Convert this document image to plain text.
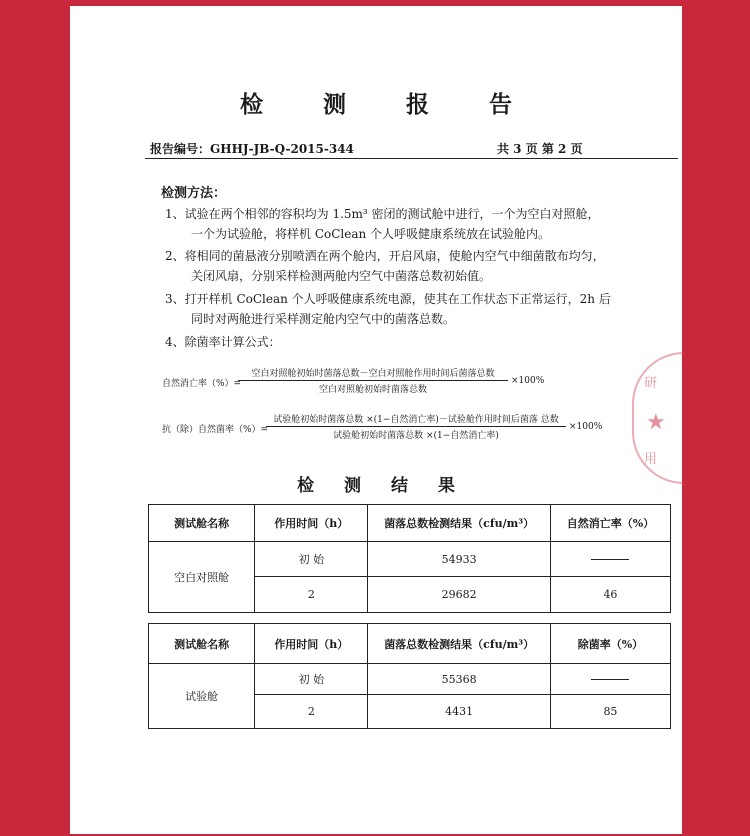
检 测 报 告
报告编号：GHHJ-JB-Q-2015-344	共 3 页 第 2 页
检测方法：
1、试验在两个相邻的容积均为 1.5m³ 密闭的测试舱中进行，一个为空白对照舱，
一个为试验舱，将样机 CoClean 个人呼吸健康系统放在试验舱内。
2、将相同的菌悬液分别喷洒在两个舱内，开启风扇，使舱内空气中细菌散布均匀，
关闭风扇，分别采样检测两舱内空气中菌落总数初始值。
3、打开样机 CoClean 个人呼吸健康系统电源，使其在工作状态下正常运行，2h 后
同时对两舱进行采样测定舱内空气中的菌落总数。
4、除菌率计算公式：
自然消亡率（%）=
空白对照舱初始时菌落总数－空白对照舱作用时间后菌落总数
空白对照舱初始时菌落总数
×100%
抗（除）自然菌率（%）=
试验舱初始时菌落总数 ×(1−自然消亡率)－试验舱作用时间后菌落 总数
试验舱初始时菌落总数 ×(1−自然消亡率)
×100%
检 测 结 果
测试舱名称	作用时间（h）	菌落总数检测结果（cfu/m³）	自然消亡率（%）
空白对照舱	初 始	54933	
	2	29682	46
测试舱名称	作用时间（h）	菌落总数检测结果（cfu/m³）	除菌率（%）
试验舱	初 始	55368	
	2	4431	85
研
★
用
